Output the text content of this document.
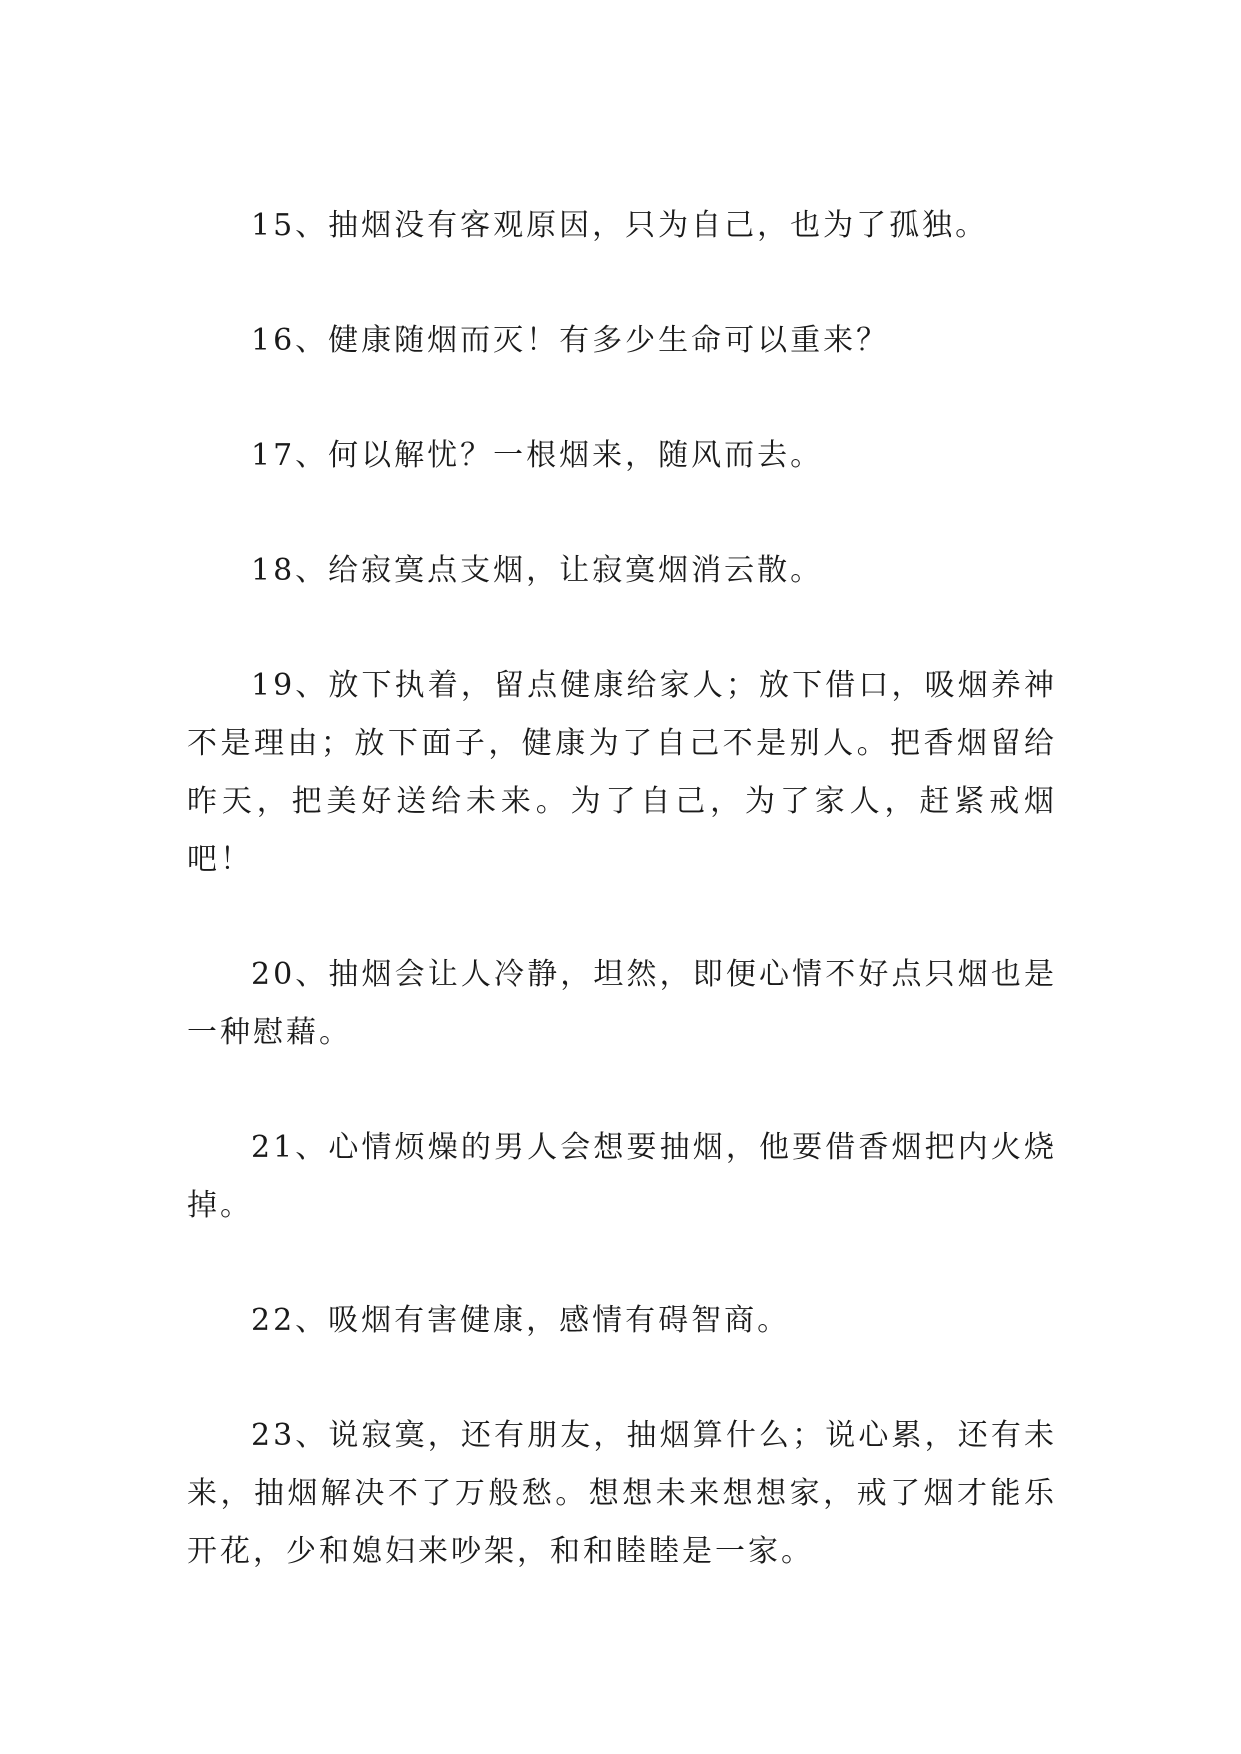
15、抽烟没有客观原因，只为自己，也为了孤独。

16、健康随烟而灭！有多少生命可以重来？

17、何以解忧？一根烟来，随风而去。

18、给寂寞点支烟，让寂寞烟消云散。

19、放下执着，留点健康给家人；放下借口，吸烟养神不是理由；放下面子，健康为了自己不是别人。把香烟留给昨天，把美好送给未来。为了自己，为了家人，赶紧戒烟吧！

20、抽烟会让人冷静，坦然，即便心情不好点只烟也是一种慰藉。

21、心情烦燥的男人会想要抽烟，他要借香烟把内火烧掉。

22、吸烟有害健康，感情有碍智商。

23、说寂寞，还有朋友，抽烟算什么；说心累，还有未来，抽烟解决不了万般愁。想想未来想想家，戒了烟才能乐开花，少和媳妇来吵架，和和睦睦是一家。
